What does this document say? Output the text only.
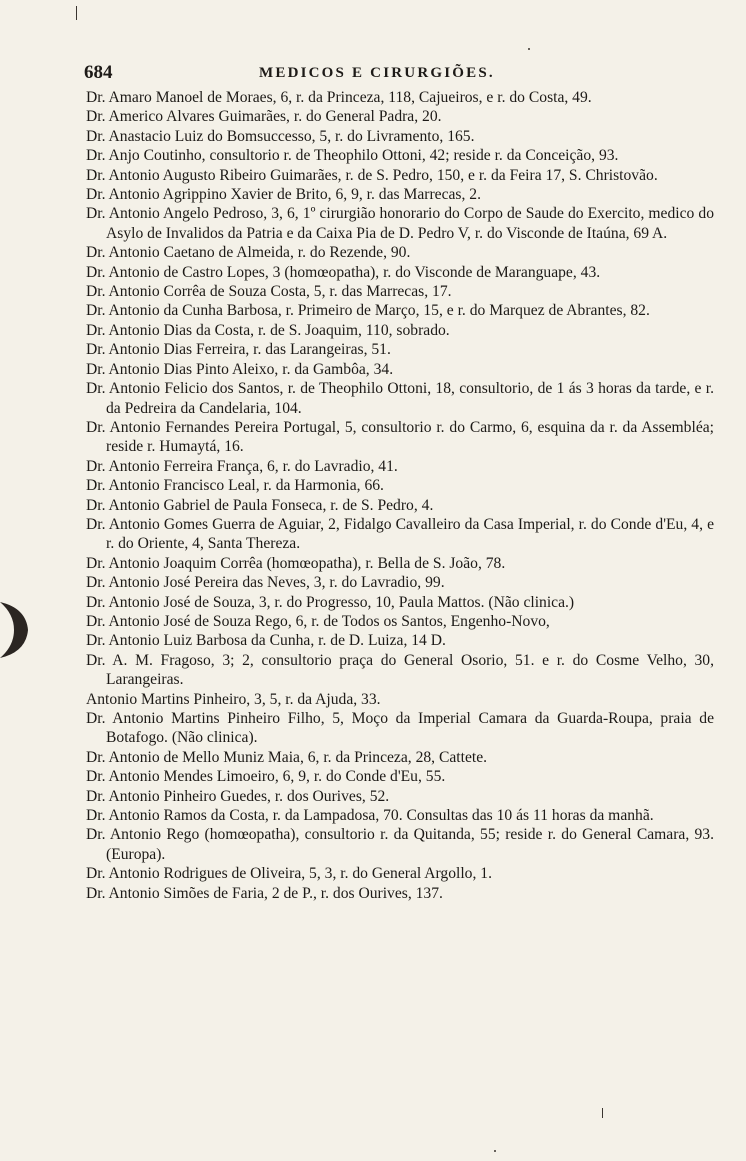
684	MEDICOS E CIRURGIÕES.
Dr. Amaro Manoel de Moraes, 6, r. da Princeza, 118, Cajueiros, e r. do Costa, 49.
Dr. Americo Alvares Guimarães, r. do General Padra, 20.
Dr. Anastacio Luiz do Bomsuccesso, 5, r. do Livramento, 165.
Dr. Anjo Coutinho, consultorio r. de Theophilo Ottoni, 42; reside r. da Conceição, 93.
Dr. Antonio Augusto Ribeiro Guimarães, r. de S. Pedro, 150, e r. da Feira 17, S. Christovão.
Dr. Antonio Agrippino Xavier de Brito, 6, 9, r. das Marrecas, 2.
Dr. Antonio Angelo Pedroso, 3, 6, 1º cirurgião honorario do Corpo de Saude do Exercito, medico do Asylo de Invalidos da Patria e da Caixa Pia de D. Pedro V, r. do Visconde de Itaúna, 69 A.
Dr. Antonio Caetano de Almeida, r. do Rezende, 90.
Dr. Antonio de Castro Lopes, 3 (homœopatha), r. do Visconde de Maranguape, 43.
Dr. Antonio Corrêa de Souza Costa, 5, r. das Marrecas, 17.
Dr. Antonio da Cunha Barbosa, r. Primeiro de Março, 15, e r. do Marquez de Abrantes, 82.
Dr. Antonio Dias da Costa, r. de S. Joaquim, 110, sobrado.
Dr. Antonio Dias Ferreira, r. das Larangeiras, 51.
Dr. Antonio Dias Pinto Aleixo, r. da Gambôa, 34.
Dr. Antonio Felicio dos Santos, r. de Theophilo Ottoni, 18, consultorio, de 1 ás 3 horas da tarde, e r. da Pedreira da Candelaria, 104.
Dr. Antonio Fernandes Pereira Portugal, 5, consultorio r. do Carmo, 6, esquina da r. da Assembléa; reside r. Humaytá, 16.
Dr. Antonio Ferreira França, 6, r. do Lavradio, 41.
Dr. Antonio Francisco Leal, r. da Harmonia, 66.
Dr. Antonio Gabriel de Paula Fonseca, r. de S. Pedro, 4.
Dr. Antonio Gomes Guerra de Aguiar, 2, Fidalgo Cavalleiro da Casa Imperial, r. do Conde d'Eu, 4, e r. do Oriente, 4, Santa Thereza.
Dr. Antonio Joaquim Corrêa (homœopatha), r. Bella de S. João, 78.
Dr. Antonio José Pereira das Neves, 3, r. do Lavradio, 99.
Dr. Antonio José de Souza, 3, r. do Progresso, 10, Paula Mattos. (Não clinica.)
Dr. Antonio José de Souza Rego, 6, r. de Todos os Santos, Engenho-Novo,
Dr. Antonio Luiz Barbosa da Cunha, r. de D. Luiza, 14 D.
Dr. A. M. Fragoso, 3; 2, consultorio praça do General Osorio, 51. e r. do Cosme Velho, 30, Larangeiras.
Antonio Martins Pinheiro, 3, 5, r. da Ajuda, 33.
Dr. Antonio Martins Pinheiro Filho, 5, Moço da Imperial Camara da Guarda-Roupa, praia de Botafogo. (Não clinica).
Dr. Antonio de Mello Muniz Maia, 6, r. da Princeza, 28, Cattete.
Dr. Antonio Mendes Limoeiro, 6, 9, r. do Conde d'Eu, 55.
Dr. Antonio Pinheiro Guedes, r. dos Ourives, 52.
Dr. Antonio Ramos da Costa, r. da Lampadosa, 70. Consultas das 10 ás 11 horas da manhã.
Dr. Antonio Rego (homœopatha), consultorio r. da Quitanda, 55; reside r. do General Camara, 93. (Europa).
Dr. Antonio Rodrigues de Oliveira, 5, 3, r. do General Argollo, 1.
Dr. Antonio Simões de Faria, 2 de P., r. dos Ourives, 137.
